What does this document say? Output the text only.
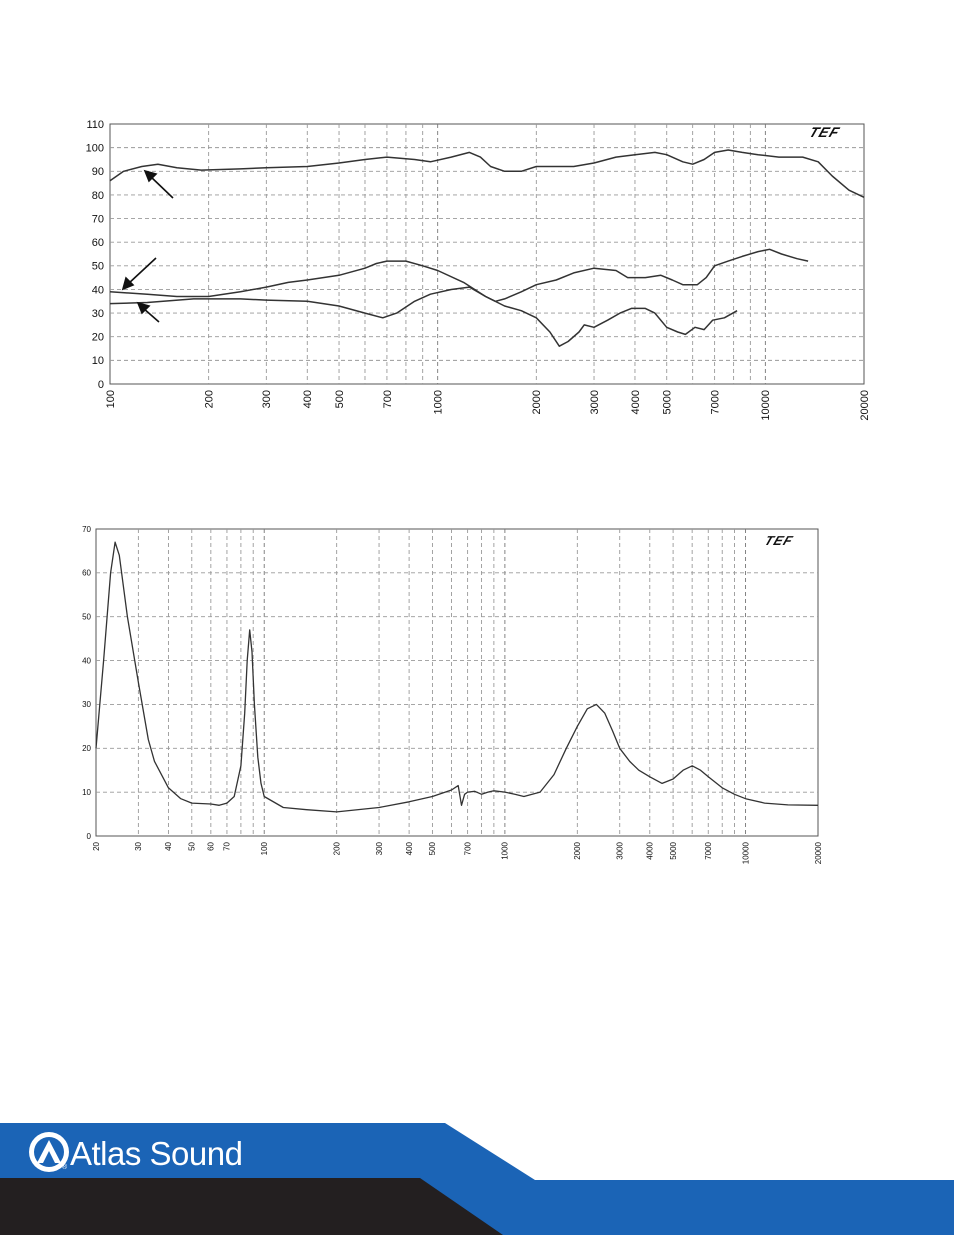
0
10
20
30
40
50
60
70
80
90
100
110
100	200	300	400 500	700	1000	2000	3000	4000 5000	7000	10000	20000
TEF
0
10
20
30
40
50
60
70
20	30	40 50 60 70	100	200	300	400 500	700	1000	2000	3000	4000 5000	7000	10000	20000
TEF
Atlas Sound
®
